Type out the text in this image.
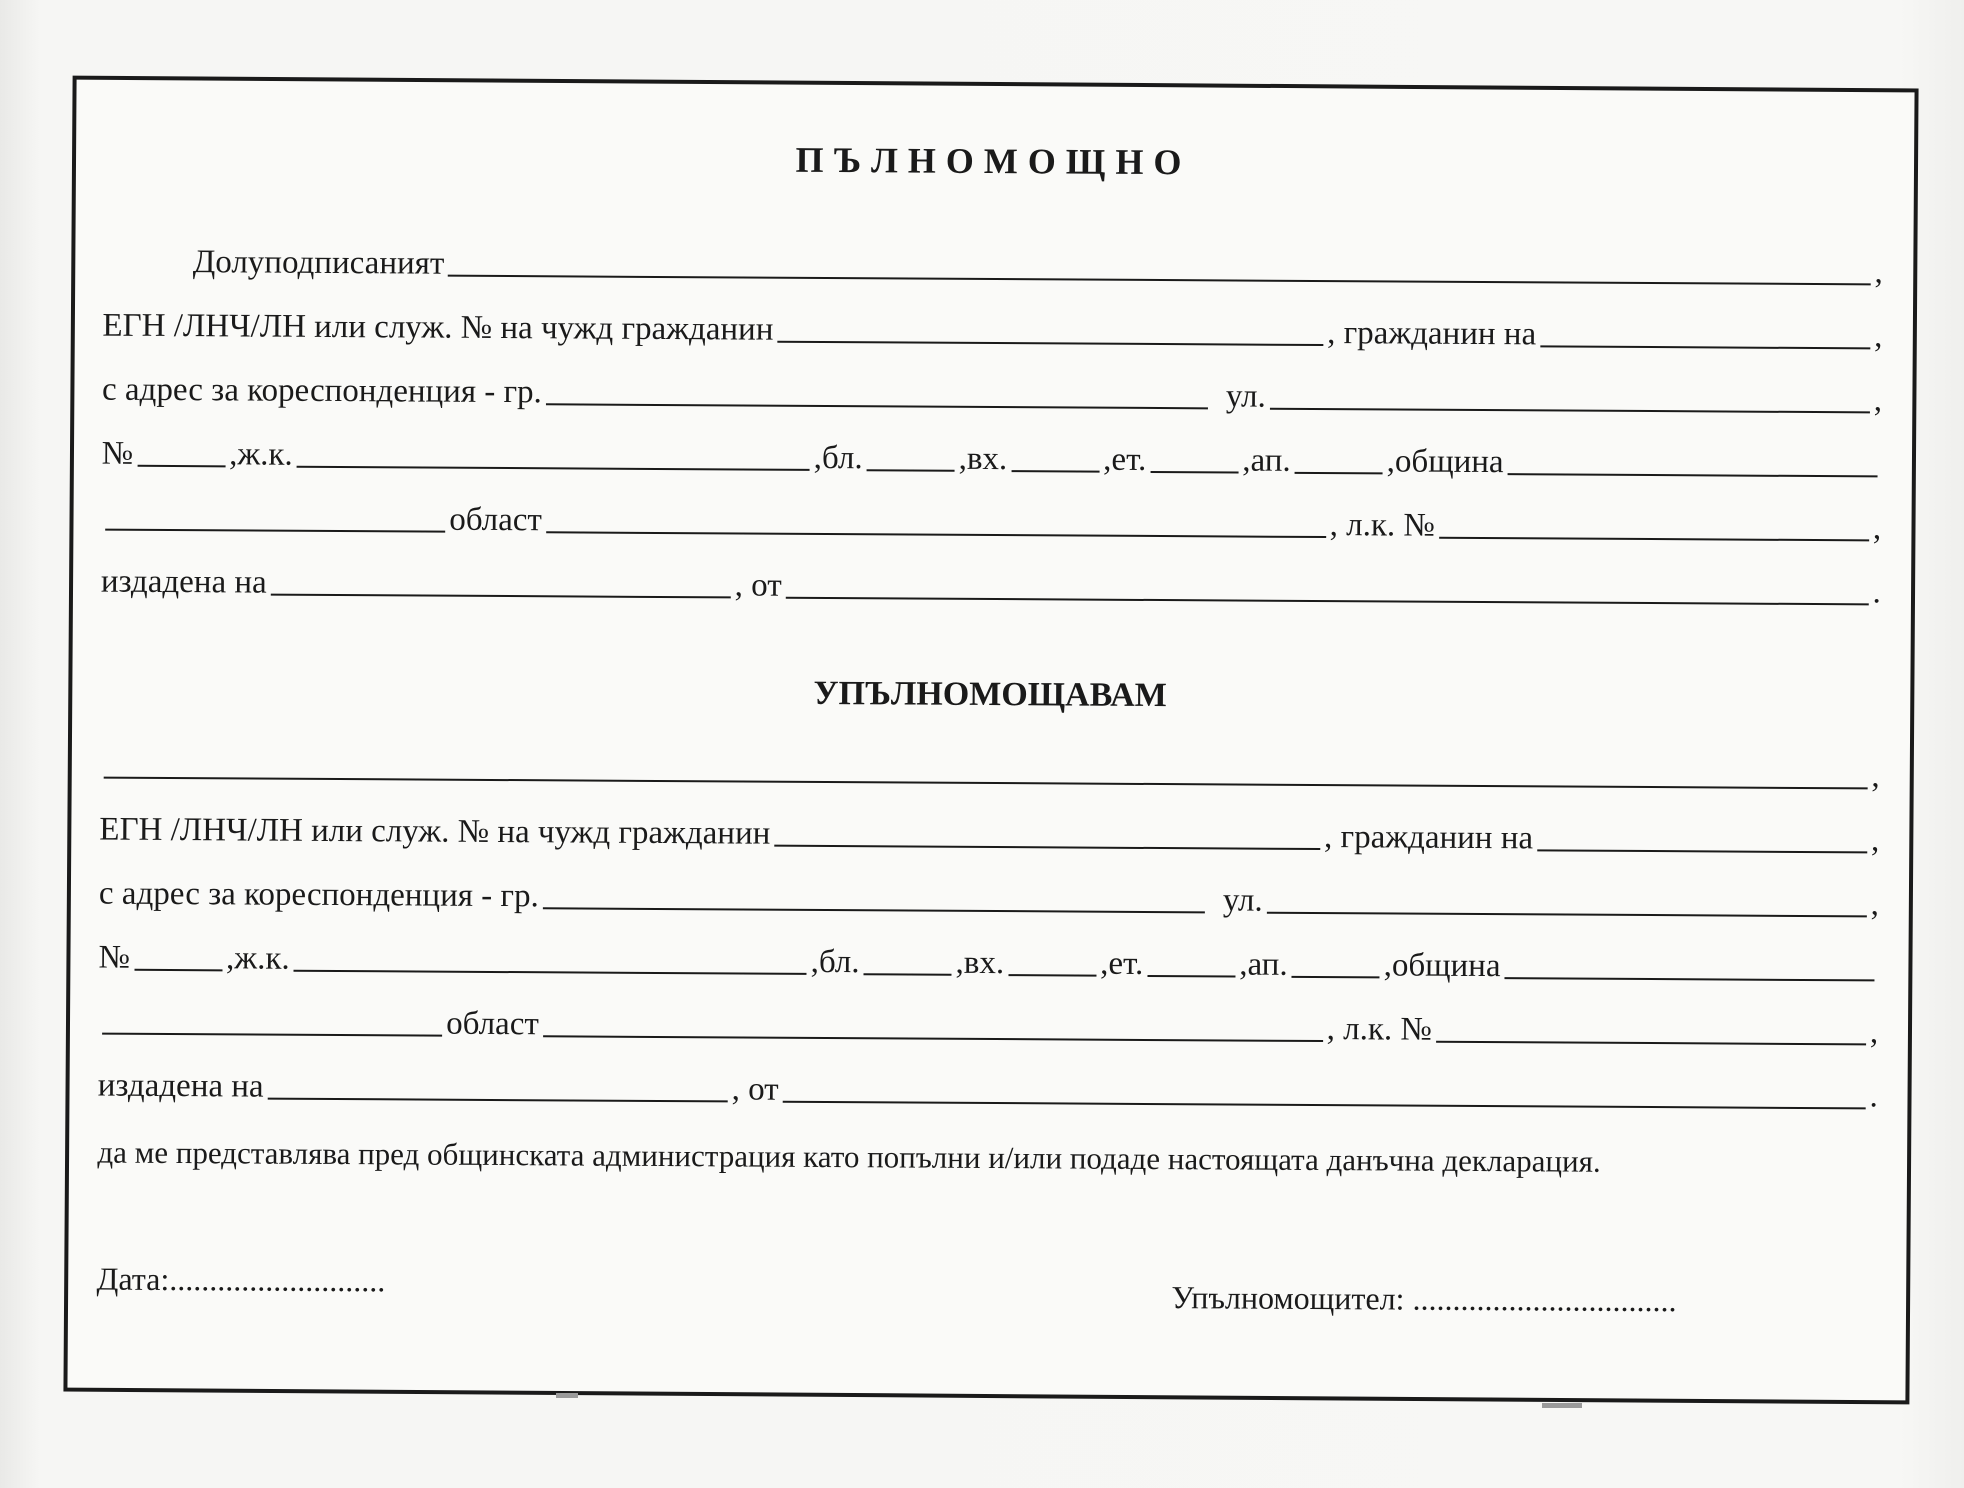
ПЪЛНОМОЩНО
Долуподписаният	,
ЕГН /ЛНЧ/ЛН или служ. № на чужд гражданин	, гражданин на	,
с адрес за кореспонденция - гр.	ул.	,
№	,ж.к.	,бл.	,вх.	,ет.	,ап.	,община
област	, л.к. №	,
издадена на	, от	.
УПЪЛНОМОЩАВАМ
,
ЕГН /ЛНЧ/ЛН или служ. № на чужд гражданин	, гражданин на	,
с адрес за кореспонденция - гр.	ул.	,
№	,ж.к.	,бл.	,вх.	,ет.	,ап.	,община
област	, л.к. №	,
издадена на	, от	.
да ме представлява пред общинската администрация като попълни и/или подаде настоящата данъчна декларация.
Дата:...........................	Упълномощител: .................................
